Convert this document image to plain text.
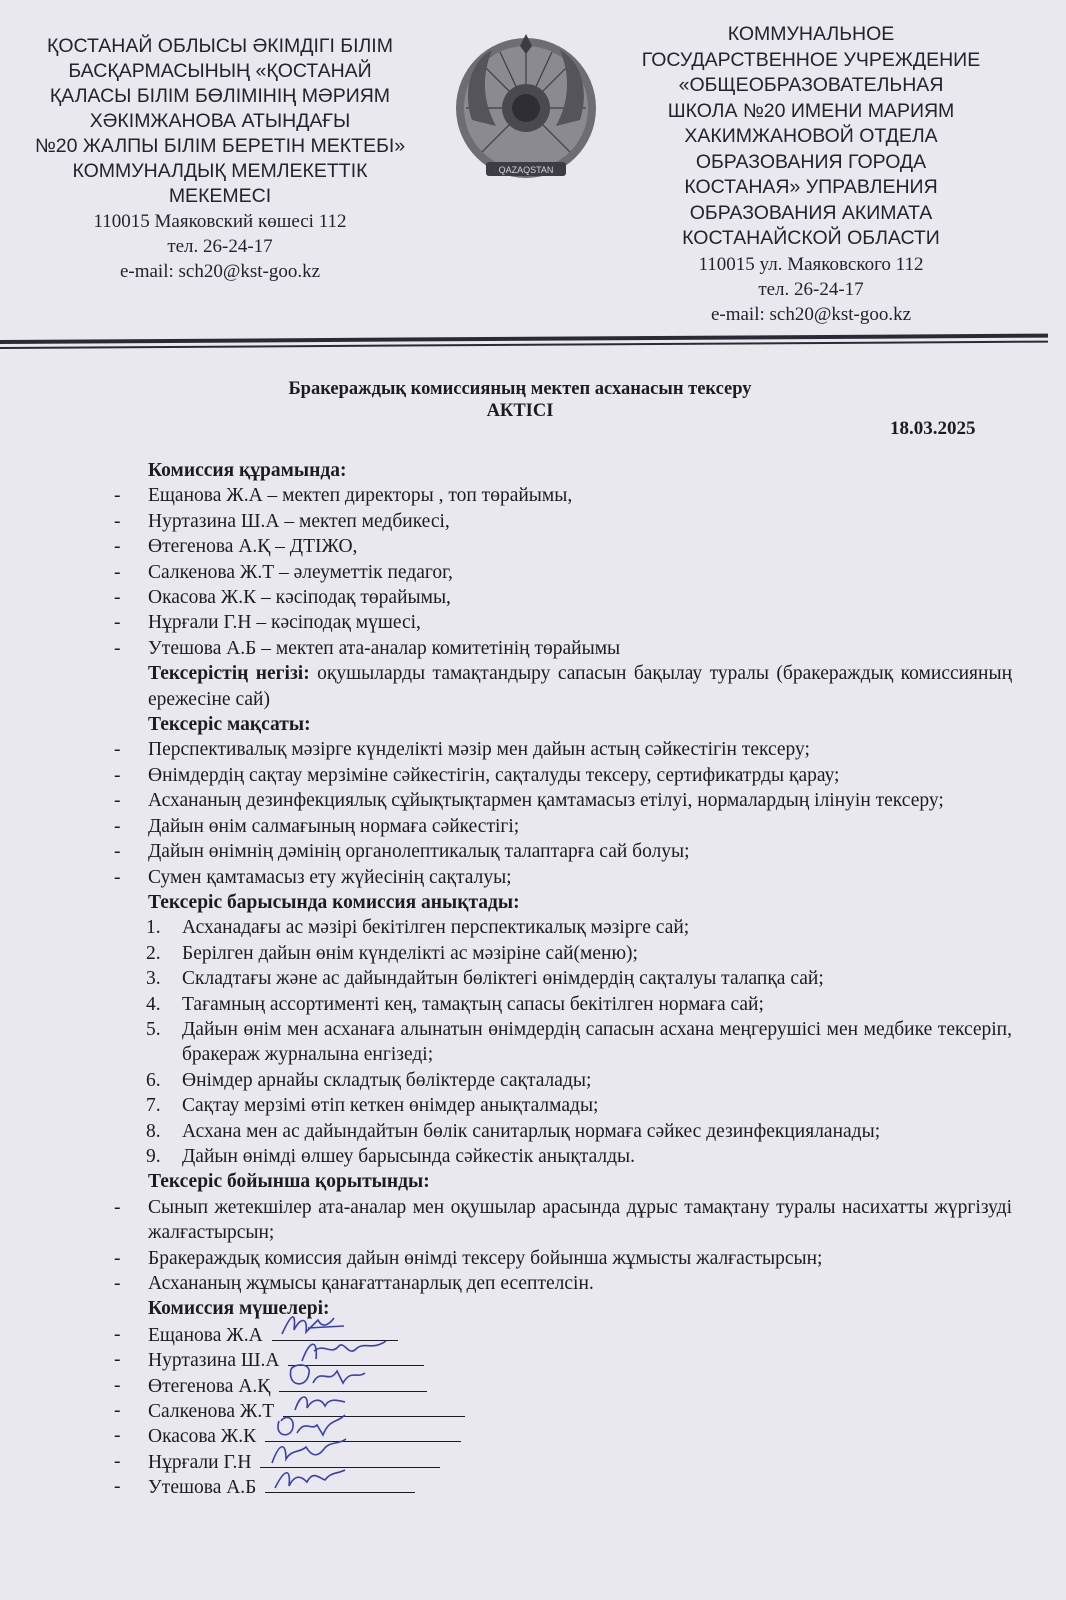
ҚОСТАНАЙ ОБЛЫСЫ ӘКІМДІГІ БІЛІМ
БАСҚАРМАСЫНЫҢ «ҚОСТАНАЙ
ҚАЛАСЫ БІЛІМ БӨЛІМІНІҢ МӘРИЯМ
ХӘКІМЖАНОВА АТЫНДАҒЫ
№20 ЖАЛПЫ БІЛІМ БЕРЕТІН МЕКТЕБІ»
КОММУНАЛДЫҚ МЕМЛЕКЕТТІК
МЕКЕМЕСІ
110015 Маяковский көшесі 112
тел. 26-24-17
e-mail: sch20@kst-goo.kz
QAZAQSTAN
КОММУНАЛЬНОЕ
ГОСУДАРСТВЕННОЕ УЧРЕЖДЕНИЕ
«ОБЩЕОБРАЗОВАТЕЛЬНАЯ
ШКОЛА №20 ИМЕНИ МАРИЯМ
ХАКИМЖАНОВОЙ ОТДЕЛА
ОБРАЗОВАНИЯ ГОРОДА
КОСТАНАЯ» УПРАВЛЕНИЯ
ОБРАЗОВАНИЯ АКИМАТА
КОСТАНАЙСКОЙ ОБЛАСТИ
110015 ул. Маяковского 112
тел. 26-24-17
e-mail: sch20@kst-goo.kz
Бракераждық комиссияның мектеп асханасын тексеру
АКТІСІ
18.03.2025
Комиссия құрамында:
- Ещанова Ж.А – мектеп директоры , топ төрайымы,
- Нуртазина Ш.А – мектеп медбикесі,
- Өтегенова А.Қ – ДТІЖО,
- Салкенова Ж.Т – әлеуметтік педагог,
- Окасова Ж.К – кәсіподақ төрайымы,
- Нұрғали Г.Н – кәсіподақ мүшесі,
- Утешова А.Б – мектеп ата-аналар комитетінің төрайымы
Тексерістің негізі: оқушыларды тамақтандыру сапасын бақылау туралы (бракераждық комиссияның ережесіне сай)
Тексеріс мақсаты:
- Перспективалық мәзірге күнделікті мәзір мен дайын астың сәйкестігін тексеру;
- Өнімдердің сақтау мерзіміне сәйкестігін, сақталуды тексеру, сертификатрды қарау;
- Асхананың дезинфекциялық сұйықтықтармен қамтамасыз етілуі, нормалардың ілінуін тексеру;
- Дайын өнім салмағының нормаға сәйкестігі;
- Дайын өнімнің дәмінің органолептикалық талаптарға сай болуы;
- Сумен қамтамасыз ету жүйесінің сақталуы;
Тексеріс барысында комиссия анықтады:
1. Асханадағы ас мәзірі бекітілген перспектикалық мәзірге сай;
2. Берілген дайын өнім күнделікті ас мәзіріне сай(меню);
3. Складтағы және ас дайындайтын бөліктегі өнімдердің сақталуы талапқа сай;
4. Тағамның ассортименті кең, тамақтың сапасы бекітілген нормаға сай;
5. Дайын өнім мен асханаға алынатын өнімдердің сапасын асхана меңгерушісі мен медбике тексеріп, бракераж журналына енгізеді;
6. Өнімдер арнайы складтық бөліктерде сақталады;
7. Сақтау мерзімі өтіп кеткен өнімдер анықталмады;
8. Асхана мен ас дайындайтын бөлік санитарлық нормаға сәйкес дезинфекцияланады;
9. Дайын өнімді өлшеу барысында сәйкестік анықталды.
Тексеріс бойынша қорытынды:
- Сынып жетекшілер ата-аналар мен оқушылар арасында дұрыс тамақтану туралы насихатты жүргізуді жалғастырсын;
- Бракераждық комиссия дайын өнімді тексеру бойынша жұмысты жалғастырсын;
- Асхананың жұмысы қанағаттанарлық деп есептелсін.
Комиссия мүшелері:
- Ещанова Ж.А
- Нуртазина Ш.А
- Өтегенова А.Қ
- Салкенова Ж.Т
- Окасова Ж.К
- Нұрғали Г.Н
- Утешова А.Б
